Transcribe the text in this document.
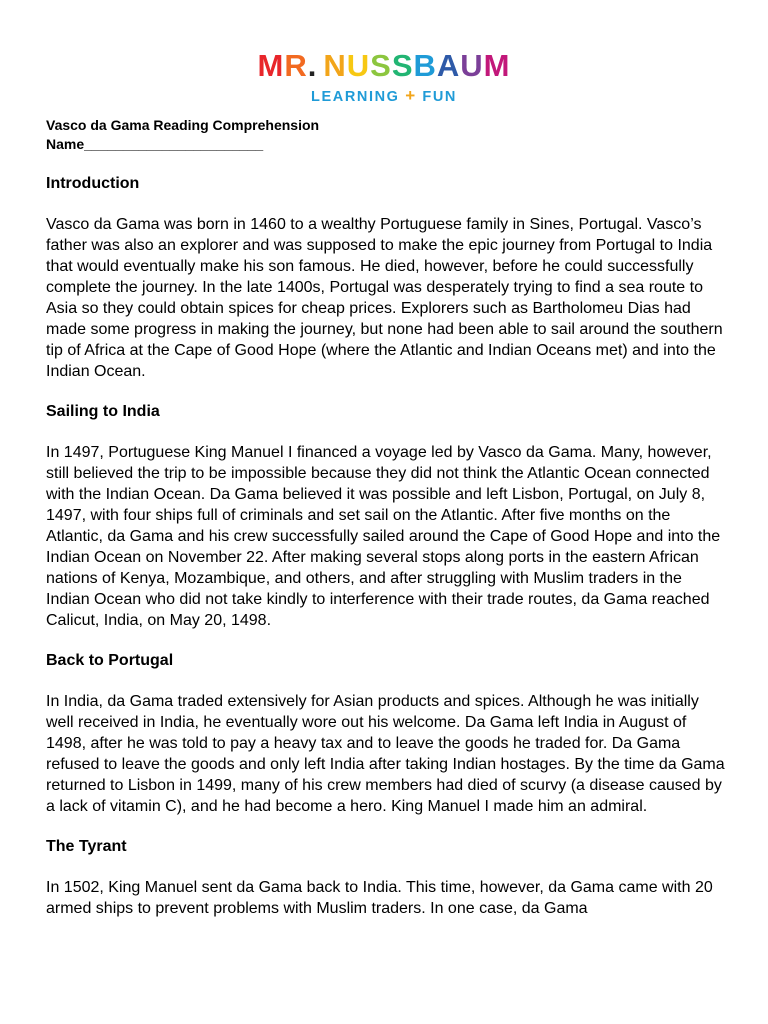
MR. NUSSBAUM
LEARNING + FUN
Vasco da Gama Reading Comprehension
Name_______________________
Introduction

Vasco da Gama was born in 1460 to a wealthy Portuguese family in Sines, Portugal. Vasco’s father was also an explorer and was supposed to make the epic journey from Portugal to India that would eventually make his son famous. He died, however, before he could successfully complete the journey. In the late 1400s, Portugal was desperately trying to find a sea route to Asia so they could obtain spices for cheap prices. Explorers such as Bartholomeu Dias had made some progress in making the journey, but none had been able to sail around the southern tip of Africa at the Cape of Good Hope (where the Atlantic and Indian Oceans met) and into the Indian Ocean.

Sailing to India

In 1497, Portuguese King Manuel I financed a voyage led by Vasco da Gama. Many, however, still believed the trip to be impossible because they did not think the Atlantic Ocean connected with the Indian Ocean. Da Gama believed it was possible and left Lisbon, Portugal, on July 8, 1497, with four ships full of criminals and set sail on the Atlantic. After five months on the Atlantic, da Gama and his crew successfully sailed around the Cape of Good Hope and into the Indian Ocean on November 22. After making several stops along ports in the eastern African nations of Kenya, Mozambique, and others, and after struggling with Muslim traders in the Indian Ocean who did not take kindly to interference with their trade routes, da Gama reached Calicut, India, on May 20, 1498.

Back to Portugal

In India, da Gama traded extensively for Asian products and spices. Although he was initially well received in India, he eventually wore out his welcome. Da Gama left India in August of 1498, after he was told to pay a heavy tax and to leave the goods he traded for. Da Gama refused to leave the goods and only left India after taking Indian hostages. By the time da Gama returned to Lisbon in 1499, many of his crew members had died of scurvy (a disease caused by a lack of vitamin C), and he had become a hero. King Manuel I made him an admiral.

The Tyrant

In 1502, King Manuel sent da Gama back to India. This time, however, da Gama came with 20 armed ships to prevent problems with Muslim traders. In one case, da Gama
